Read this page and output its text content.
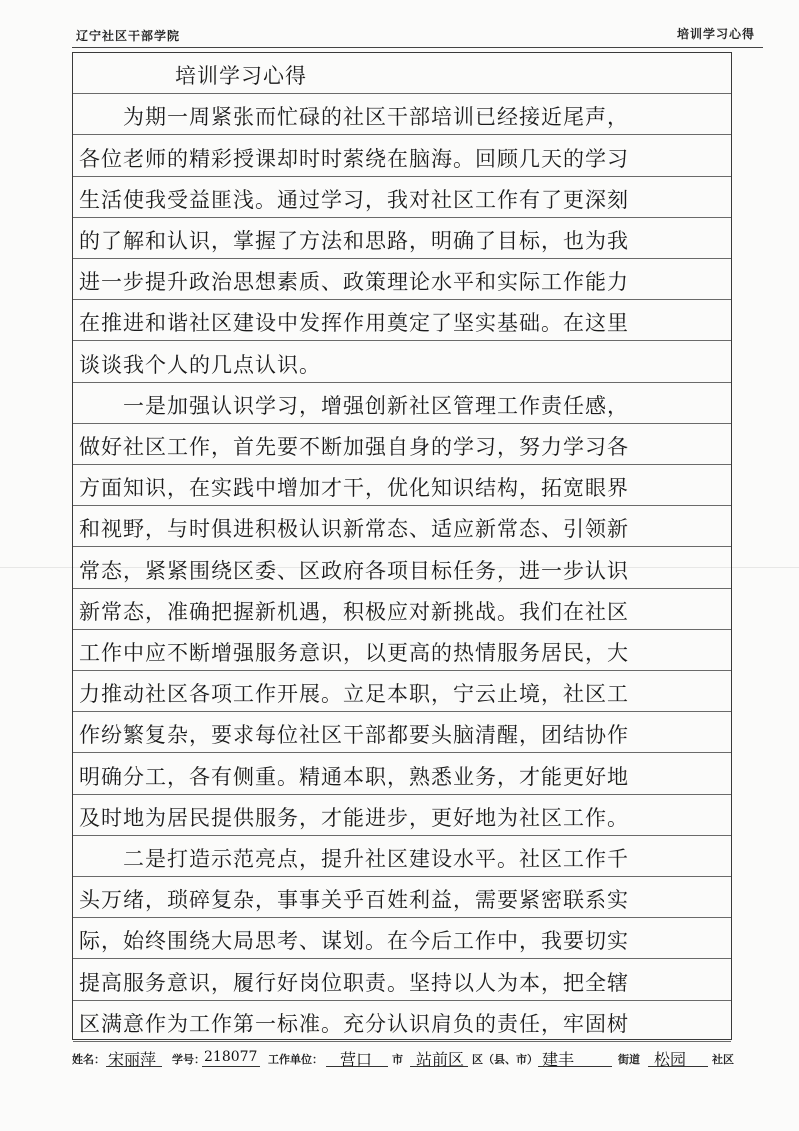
辽宁社区干部学院	培训学习心得
培训学习心得
　　为期一周紧张而忙碌的社区干部培训已经接近尾声，
各位老师的精彩授课却时时萦绕在脑海。回顾几天的学习
生活使我受益匪浅。通过学习，我对社区工作有了更深刻
的了解和认识，掌握了方法和思路，明确了目标，也为我
进一步提升政治思想素质、政策理论水平和实际工作能力
在推进和谐社区建设中发挥作用奠定了坚实基础。在这里
谈谈我个人的几点认识。
　　一是加强认识学习，增强创新社区管理工作责任感，
做好社区工作，首先要不断加强自身的学习，努力学习各
方面知识，在实践中增加才干，优化知识结构，拓宽眼界
和视野，与时俱进积极认识新常态、适应新常态、引领新
常态，紧紧围绕区委、区政府各项目标任务，进一步认识
新常态，准确把握新机遇，积极应对新挑战。我们在社区
工作中应不断增强服务意识，以更高的热情服务居民，大
力推动社区各项工作开展。立足本职，宁云止境，社区工
作纷繁复杂，要求每位社区干部都要头脑清醒，团结协作
明确分工，各有侧重。精通本职，熟悉业务，才能更好地
及时地为居民提供服务，才能进步，更好地为社区工作。
　　二是打造示范亮点，提升社区建设水平。社区工作千
头万绪，琐碎复杂，事事关乎百姓利益，需要紧密联系实
际，始终围绕大局思考、谋划。在今后工作中，我要切实
提高服务意识，履行好岗位职责。坚持以人为本，把全辖
区满意作为工作第一标准。充分认识肩负的责任，牢固树
姓名： 宋丽萍 学号： 218077 工作单位： 营口 市 站前区 区（县、市） 建丰	街道 松园 社区
